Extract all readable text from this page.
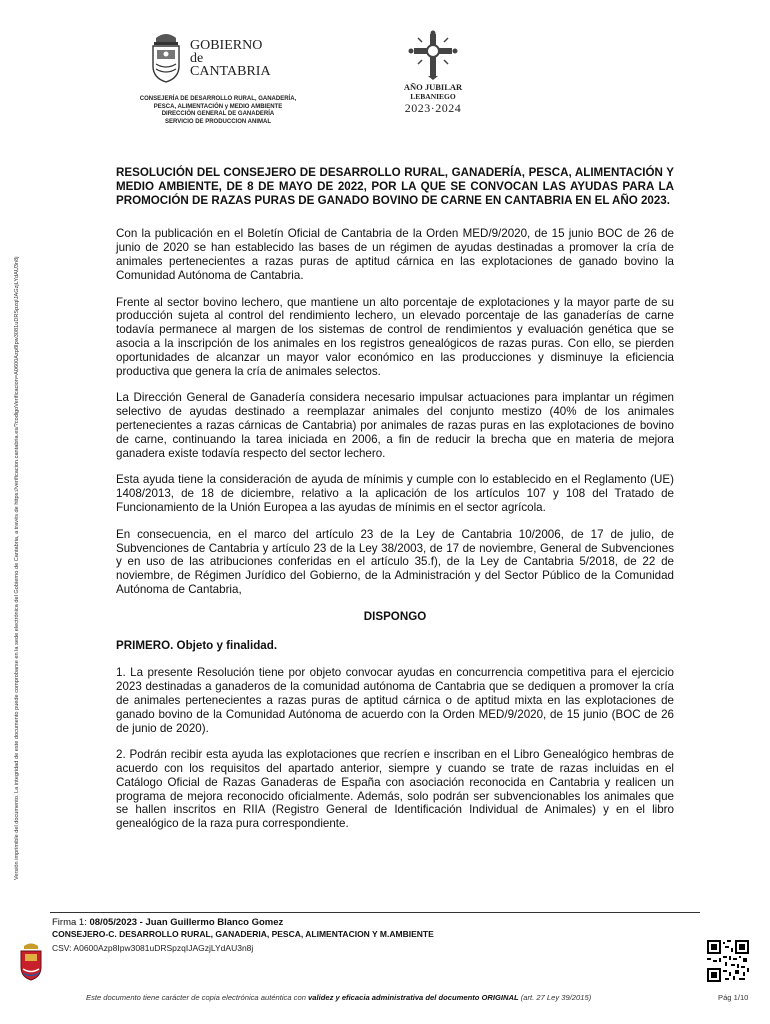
Versión imprimible del documento. La integridad de este documento puede comprobarse en la sede electrónica del Gobierno de Cantabria, a través de https://verificacion.cantabria.es/?codigoVerificacion=A0600Azp8Ipw3081uDRSpzqIJAGzjLYdAU3n8j
GOBIERNO
de
CANTABRIA
CONSEJERÍA DE DESARROLLO RURAL, GANADERÍA,
PESCA, ALIMENTACIÓN y MEDIO AMBIENTE
DIRECCIÓN GENERAL DE GANADERÍA
SERVICIO DE PRODUCCION ANIMAL
AÑO JUBILAR
LEBANIEGO
2023·2024
RESOLUCIÓN DEL CONSEJERO DE DESARROLLO RURAL, GANADERÍA, PESCA, ALIMENTACIÓN Y MEDIO AMBIENTE, DE 8 DE MAYO DE 2022, POR LA QUE SE CONVOCAN LAS AYUDAS PARA LA PROMOCIÓN DE RAZAS PURAS DE GANADO BOVINO DE CARNE EN CANTABRIA EN EL AÑO 2023.

Con la publicación en el Boletín Oficial de Cantabria de la Orden MED/9/2020, de 15 junio BOC de 26 de junio de 2020 se han establecido las bases de un régimen de ayudas destinadas a promover la cría de animales pertenecientes a razas puras de aptitud cárnica en las explotaciones de ganado bovino la Comunidad Autónoma de Cantabria.

Frente al sector bovino lechero, que mantiene un alto porcentaje de explotaciones y la mayor parte de su producción sujeta al control del rendimiento lechero, un elevado porcentaje de las ganaderías de carne todavía permanece al margen de los sistemas de control de rendimientos y evaluación genética que se asocia a la inscripción de los animales en los registros genealógicos de razas puras. Con ello, se pierden oportunidades de alcanzar un mayor valor económico en las producciones y disminuye la eficiencia productiva que genera la cría de animales selectos.

La Dirección General de Ganadería considera necesario impulsar actuaciones para implantar un régimen selectivo de ayudas destinado a reemplazar animales del conjunto mestizo (40% de los animales pertenecientes a razas cárnicas de Cantabria) por animales de razas puras en las explotaciones de bovino de carne, continuando la tarea iniciada en 2006, a fin de reducir la brecha que en materia de mejora ganadera existe todavía respecto del sector lechero.

Esta ayuda tiene la consideración de ayuda de mínimis y cumple con lo establecido en el Reglamento (UE) 1408/2013, de 18 de diciembre, relativo a la aplicación de los artículos 107 y 108 del Tratado de Funcionamiento de la Unión Europea a las ayudas de mínimis en el sector agrícola.

En consecuencia, en el marco del artículo 23 de la Ley de Cantabria 10/2006, de 17 de julio, de Subvenciones de Cantabria y artículo 23 de la Ley 38/2003, de 17 de noviembre, General de Subvenciones y en uso de las atribuciones conferidas en el artículo 35.f), de la Ley de Cantabria 5/2018, de 22 de noviembre, de Régimen Jurídico del Gobierno, de la Administración y del Sector Público de la Comunidad Autónoma de Cantabria,

DISPONGO
PRIMERO. Objeto y finalidad.

1. La presente Resolución tiene por objeto convocar ayudas en concurrencia competitiva para el ejercicio 2023 destinadas a ganaderos de la comunidad autónoma de Cantabria que se dediquen a promover la cría de animales pertenecientes a razas puras de aptitud cárnica o de aptitud mixta en las explotaciones de ganado bovino de la Comunidad Autónoma de acuerdo con la Orden MED/9/2020, de 15 junio (BOC de 26 de junio de 2020).

2. Podrán recibir esta ayuda las explotaciones que recríen e inscriban en el Libro Genealógico hembras de acuerdo con los requisitos del apartado anterior, siempre y cuando se trate de razas incluidas en el Catálogo Oficial de Razas Ganaderas de España con asociación reconocida en Cantabria y realicen un programa de mejora reconocido oficialmente. Además, solo podrán ser subvencionables los animales que se hallen inscritos en RIIA (Registro General de Identificación Individual de Animales) y en el libro genealógico de la raza pura correspondiente.

Firma 1: 08/05/2023 - Juan Guillermo Blanco Gomez
CONSEJERO-C. DESARROLLO RURAL, GANADERIA, PESCA, ALIMENTACION Y M.AMBIENTE
CSV: A0600Azp8Ipw3081uDRSpzqIJAGzjLYdAU3n8j
Este documento tiene carácter de copia electrónica auténtica con validez y eficacia administrativa del documento ORIGINAL (art. 27 Ley 39/2015)	Pág 1/10
